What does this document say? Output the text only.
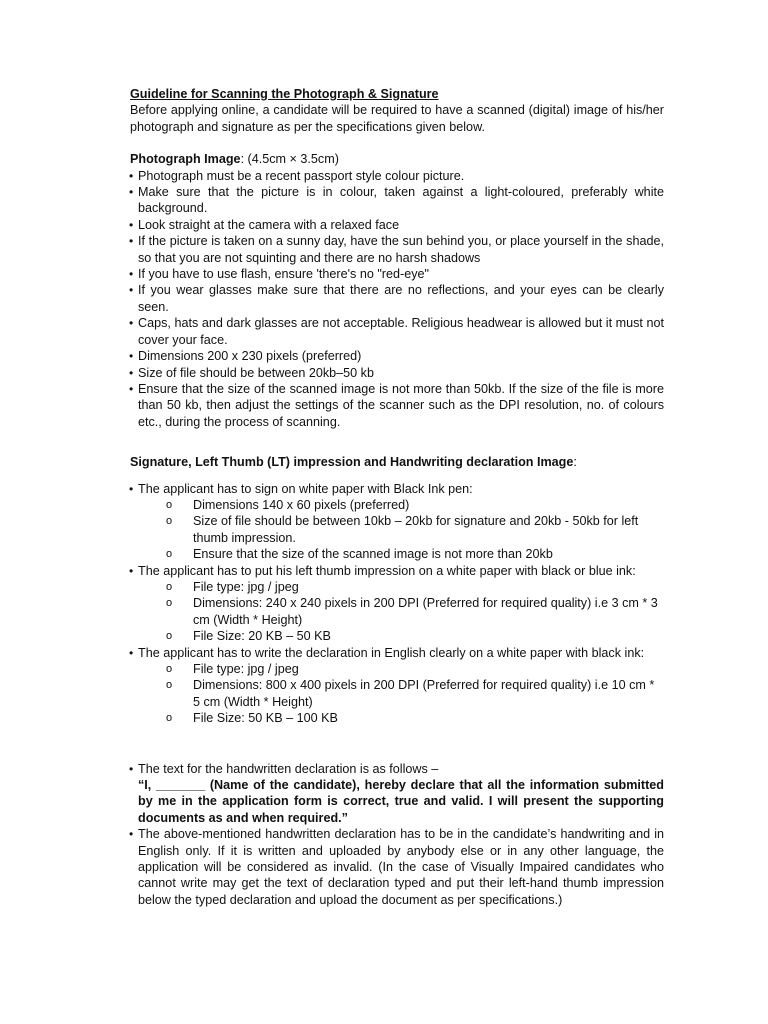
Guideline for Scanning the Photograph & Signature
Before applying online, a candidate will be required to have a scanned (digital) image of his/her photograph and signature as per the specifications given below.
Photograph Image: (4.5cm × 3.5cm)
• Photograph must be a recent passport style colour picture.
• Make sure that the picture is in colour, taken against a light-coloured, preferably white background.
• Look straight at the camera with a relaxed face
• If the picture is taken on a sunny day, have the sun behind you, or place yourself in the shade, so that you are not squinting and there are no harsh shadows
• If you have to use flash, ensure 'there's no "red-eye"
• If you wear glasses make sure that there are no reflections, and your eyes can be clearly seen.
• Caps, hats and dark glasses are not acceptable. Religious headwear is allowed but it must not cover your face.
• Dimensions 200 x 230 pixels (preferred)
• Size of file should be between 20kb–50 kb
• Ensure that the size of the scanned image is not more than 50kb. If the size of the file is more than 50 kb, then adjust the settings of the scanner such as the DPI resolution, no. of colours etc., during the process of scanning.
Signature, Left Thumb (LT) impression and Handwriting declaration Image:
• The applicant has to sign on white paper with Black Ink pen:
o Dimensions 140 x 60 pixels (preferred)
o Size of file should be between 10kb – 20kb for signature and 20kb - 50kb for left thumb impression.
o Ensure that the size of the scanned image is not more than 20kb
• The applicant has to put his left thumb impression on a white paper with black or blue ink:
o File type: jpg / jpeg
o Dimensions: 240 x 240 pixels in 200 DPI (Preferred for required quality) i.e 3 cm * 3 cm (Width * Height)
o File Size: 20 KB – 50 KB
• The applicant has to write the declaration in English clearly on a white paper with black ink:
o File type: jpg / jpeg
o Dimensions: 800 x 400 pixels in 200 DPI (Preferred for required quality) i.e 10 cm * 5 cm (Width * Height)
o File Size: 50 KB – 100 KB
• The text for the handwritten declaration is as follows –
“I, _______ (Name of the candidate), hereby declare that all the information submitted by me in the application form is correct, true and valid. I will present the supporting documents as and when required.”
• The above-mentioned handwritten declaration has to be in the candidate’s handwriting and in English only. If it is written and uploaded by anybody else or in any other language, the application will be considered as invalid. (In the case of Visually Impaired candidates who cannot write may get the text of declaration typed and put their left-hand thumb impression below the typed declaration and upload the document as per specifications.)
